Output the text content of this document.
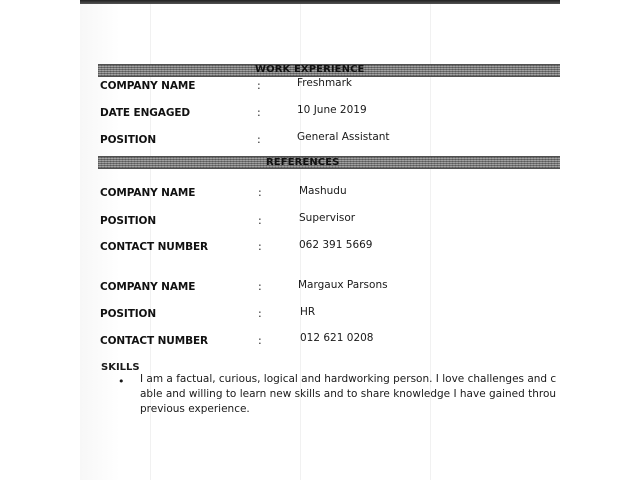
WORK EXPERIENCE
COMPANY NAME	:	Freshmark
DATE ENGAGED	:	10 June 2019
POSITION	:	General Assistant
REFERENCES
COMPANY NAME	:	Mashudu
POSITION	:	Supervisor
CONTACT NUMBER	:	062 391 5669
COMPANY NAME	:	Margaux Parsons
POSITION	:	HR
CONTACT NUMBER	:	012 621 0208
SKILLS
• I am a factual, curious, logical and hardworking person. I love challenges and c
able and willing to learn new skills and to share knowledge I have gained throu
previous experience.
